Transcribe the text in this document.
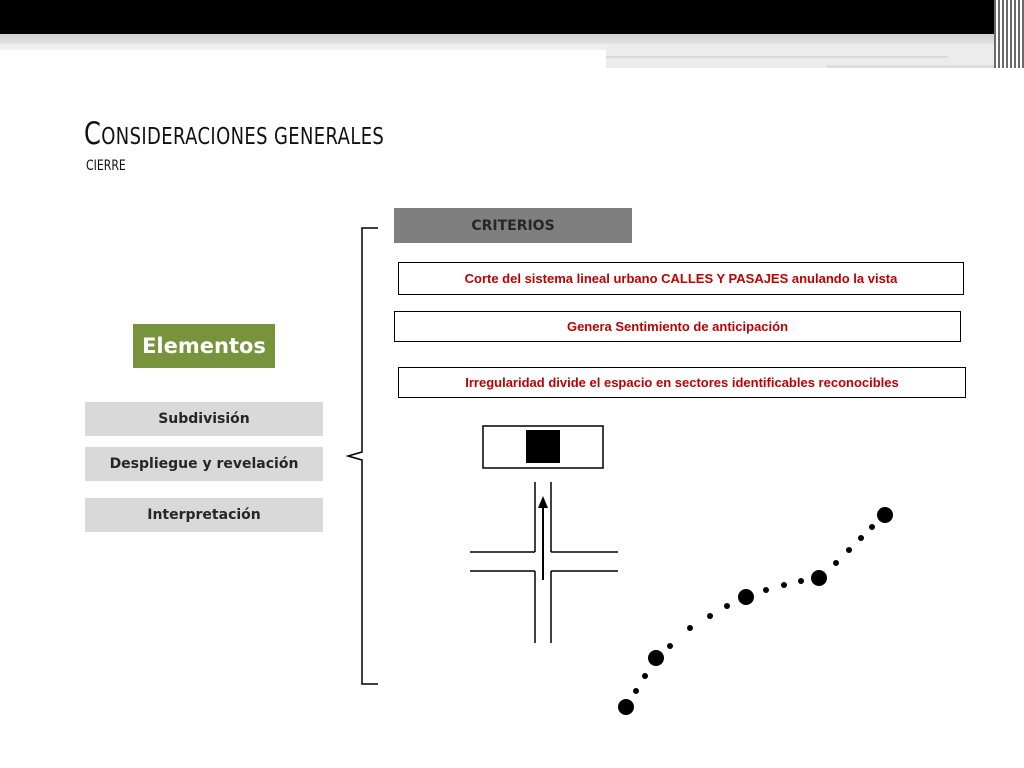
CONSIDERACIONES GENERALES
CIERRE
Elementos
Subdivisión
Despliegue y revelación
Interpretación
CRITERIOS
Corte del sistema lineal urbano CALLES Y PASAJES anulando la vista
Genera Sentimiento de anticipación
Irregularidad divide el espacio en sectores identificables reconocibles
